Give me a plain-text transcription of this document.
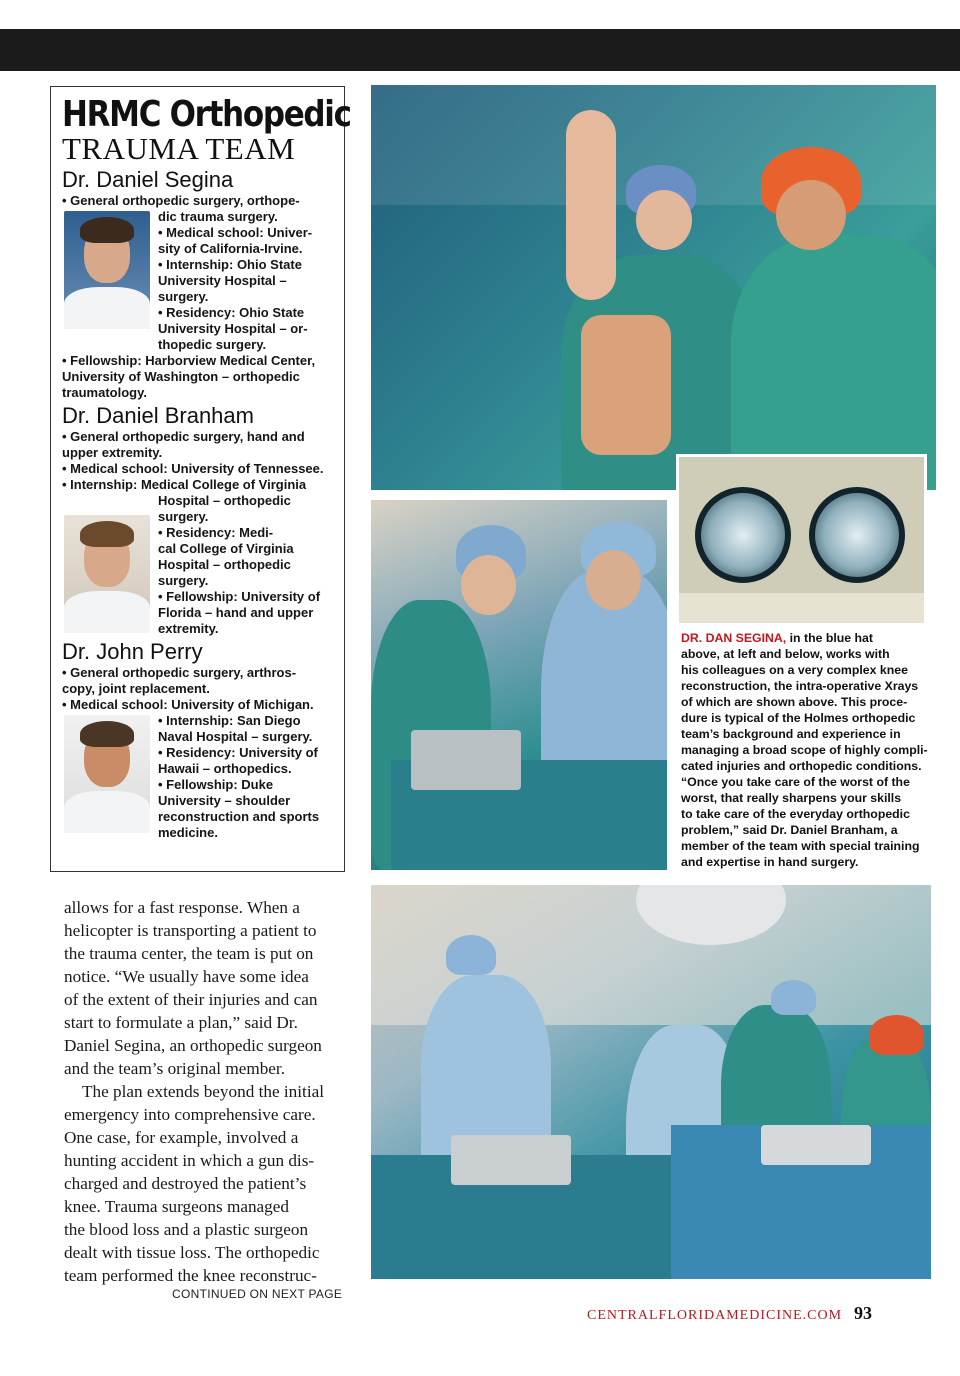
HRMC Orthopedic
TRAUMA TEAM
Dr. Daniel Segina
• General orthopedic surgery, orthope-
dic trauma surgery.
• Medical school: Univer-
sity of California-Irvine.
• Internship: Ohio State
University Hospital –
surgery.
• Residency: Ohio State
University Hospital – or-
thopedic surgery.
• Fellowship: Harborview Medical Center,
University of Washington – orthopedic
traumatology.
Dr. Daniel Branham
• General orthopedic surgery, hand and
upper extremity.
• Medical school: University of Tennessee.
• Internship: Medical College of Virginia
Hospital – orthopedic
surgery.
• Residency: Medi-
cal College of Virginia
Hospital – orthopedic
surgery.
• Fellowship: University of
Florida – hand and upper
extremity.
Dr. John Perry
• General orthopedic surgery, arthros-
copy, joint replacement.
• Medical school: University of Michigan.
• Internship: San Diego
Naval Hospital – surgery.
• Residency: University of
Hawaii – orthopedics.
• Fellowship: Duke
University – shoulder
reconstruction and sports
medicine.
allows for a fast response. When a
helicopter is transporting a patient to
the trauma center, the team is put on
notice. “We usually have some idea
of the extent of their injuries and can
start to formulate a plan,” said Dr.
Daniel Segina, an orthopedic surgeon
and the team’s original member.
The plan extends beyond the initial
emergency into comprehensive care.
One case, for example, involved a
hunting accident in which a gun dis-
charged and destroyed the patient’s
knee. Trauma surgeons managed
the blood loss and a plastic surgeon
dealt with tissue loss. The orthopedic
team performed the knee reconstruc-
CONTINUED ON NEXT PAGE
DR. DAN SEGINA, in the blue hat
above, at left and below, works with
his colleagues on a very complex knee
reconstruction, the intra-operative Xrays
of which are shown above. This proce-
dure is typical of the Holmes orthopedic
team’s background and experience in
managing a broad scope of highly compli-
cated injuries and orthopedic conditions.
“Once you take care of the worst of the
worst, that really sharpens your skills
to take care of the everyday orthopedic
problem,” said Dr. Daniel Branham, a
member of the team with special training
and expertise in hand surgery.
CENTRALFLORIDAMEDICINE.COM 93
